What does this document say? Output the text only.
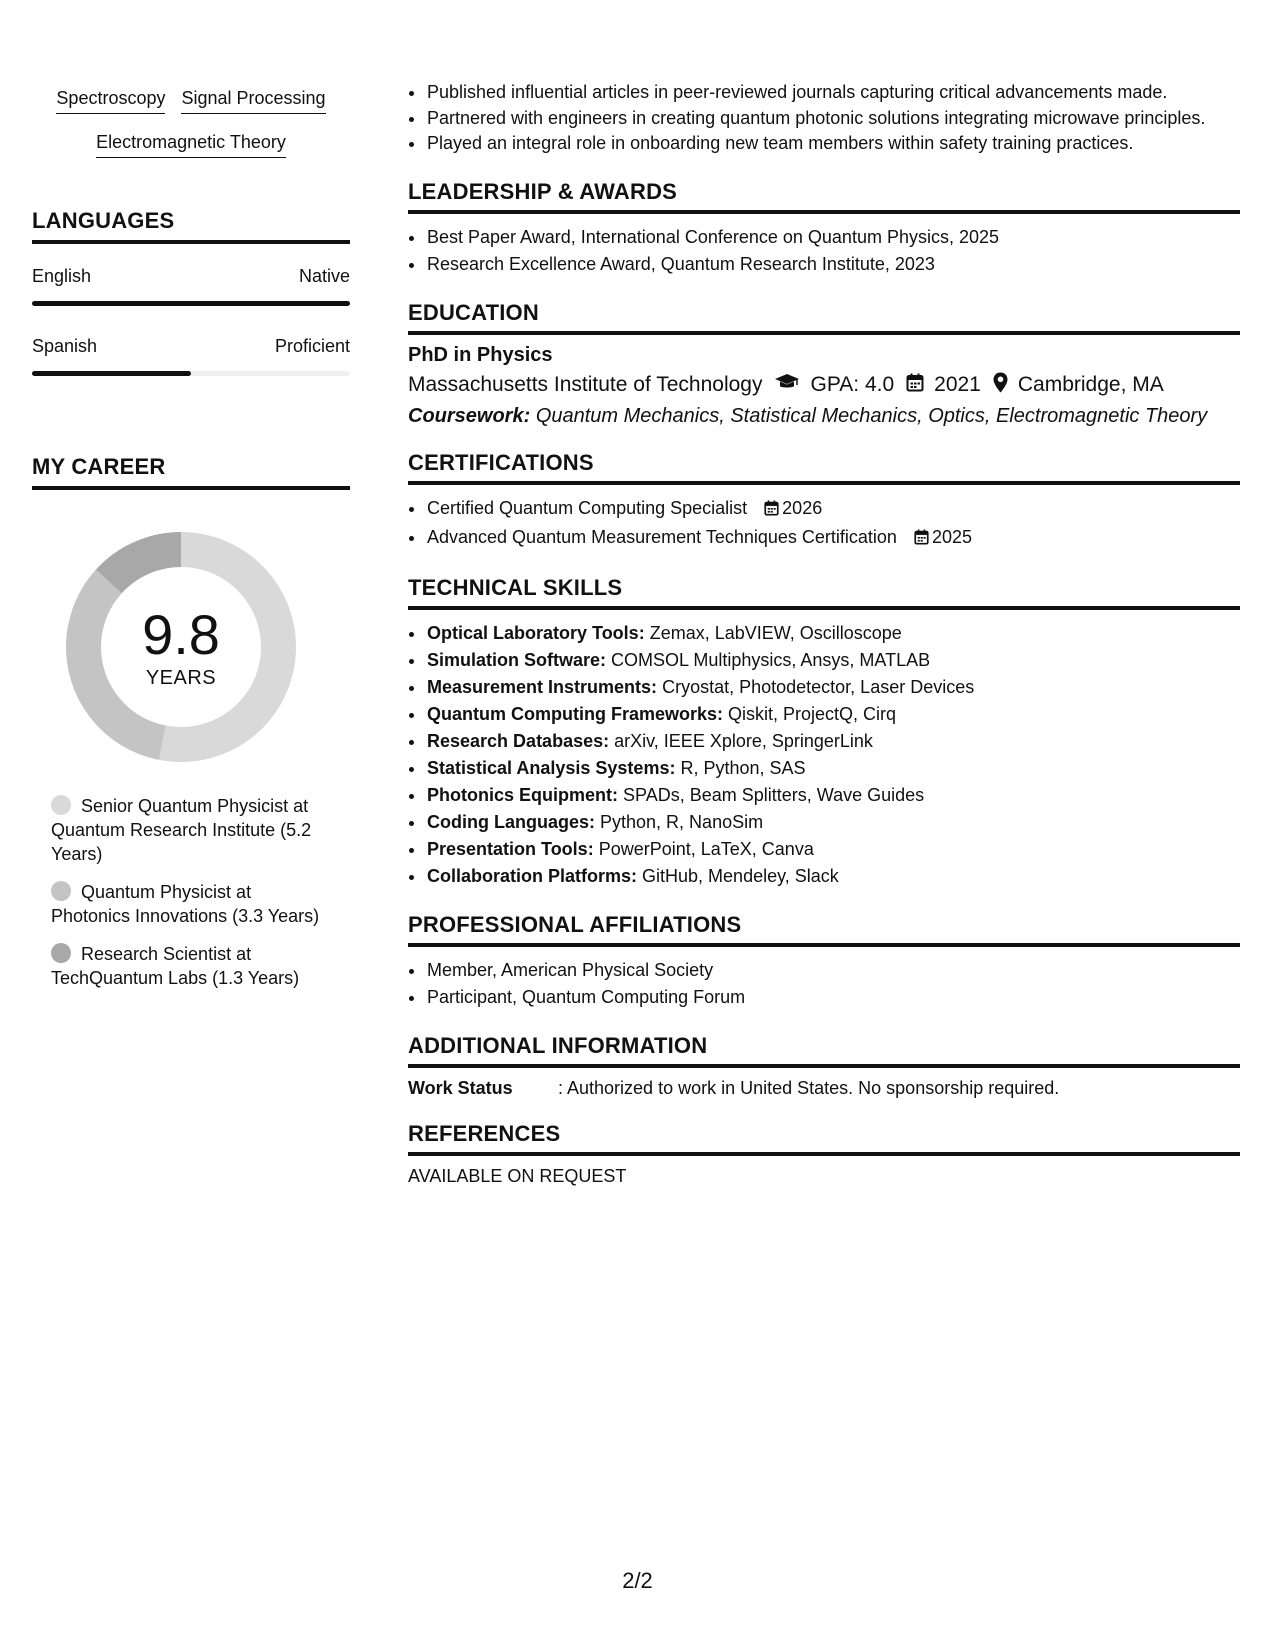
Spectroscopy Signal Processing
Electromagnetic Theory
LANGUAGES
English	Native
Spanish	Proficient
MY CAREER
9.8
YEARS
Senior Quantum Physicist at Quantum Research Institute (5.2 Years)
Quantum Physicist at Photonics Innovations (3.3 Years)
Research Scientist at TechQuantum Labs (1.3 Years)
• Published influential articles in peer-reviewed journals capturing critical advancements made.
• Partnered with engineers in creating quantum photonic solutions integrating microwave principles.
• Played an integral role in onboarding new team members within safety training practices.
LEADERSHIP & AWARDS
• Best Paper Award, International Conference on Quantum Physics, 2025
• Research Excellence Award, Quantum Research Institute, 2023
EDUCATION
PhD in Physics
Massachusetts Institute of Technology GPA: 4.0 2021 Cambridge, MA
Coursework: Quantum Mechanics, Statistical Mechanics, Optics, Electromagnetic Theory
CERTIFICATIONS
• Certified Quantum Computing Specialist 2026
• Advanced Quantum Measurement Techniques Certification 2025
TECHNICAL SKILLS
• Optical Laboratory Tools: Zemax, LabVIEW, Oscilloscope
• Simulation Software: COMSOL Multiphysics, Ansys, MATLAB
• Measurement Instruments: Cryostat, Photodetector, Laser Devices
• Quantum Computing Frameworks: Qiskit, ProjectQ, Cirq
• Research Databases: arXiv, IEEE Xplore, SpringerLink
• Statistical Analysis Systems: R, Python, SAS
• Photonics Equipment: SPADs, Beam Splitters, Wave Guides
• Coding Languages: Python, R, NanoSim
• Presentation Tools: PowerPoint, LaTeX, Canva
• Collaboration Platforms: GitHub, Mendeley, Slack
PROFESSIONAL AFFILIATIONS
• Member, American Physical Society
• Participant, Quantum Computing Forum
ADDITIONAL INFORMATION
Work Status	: Authorized to work in United States. No sponsorship required.
REFERENCES
AVAILABLE ON REQUEST
2/2
